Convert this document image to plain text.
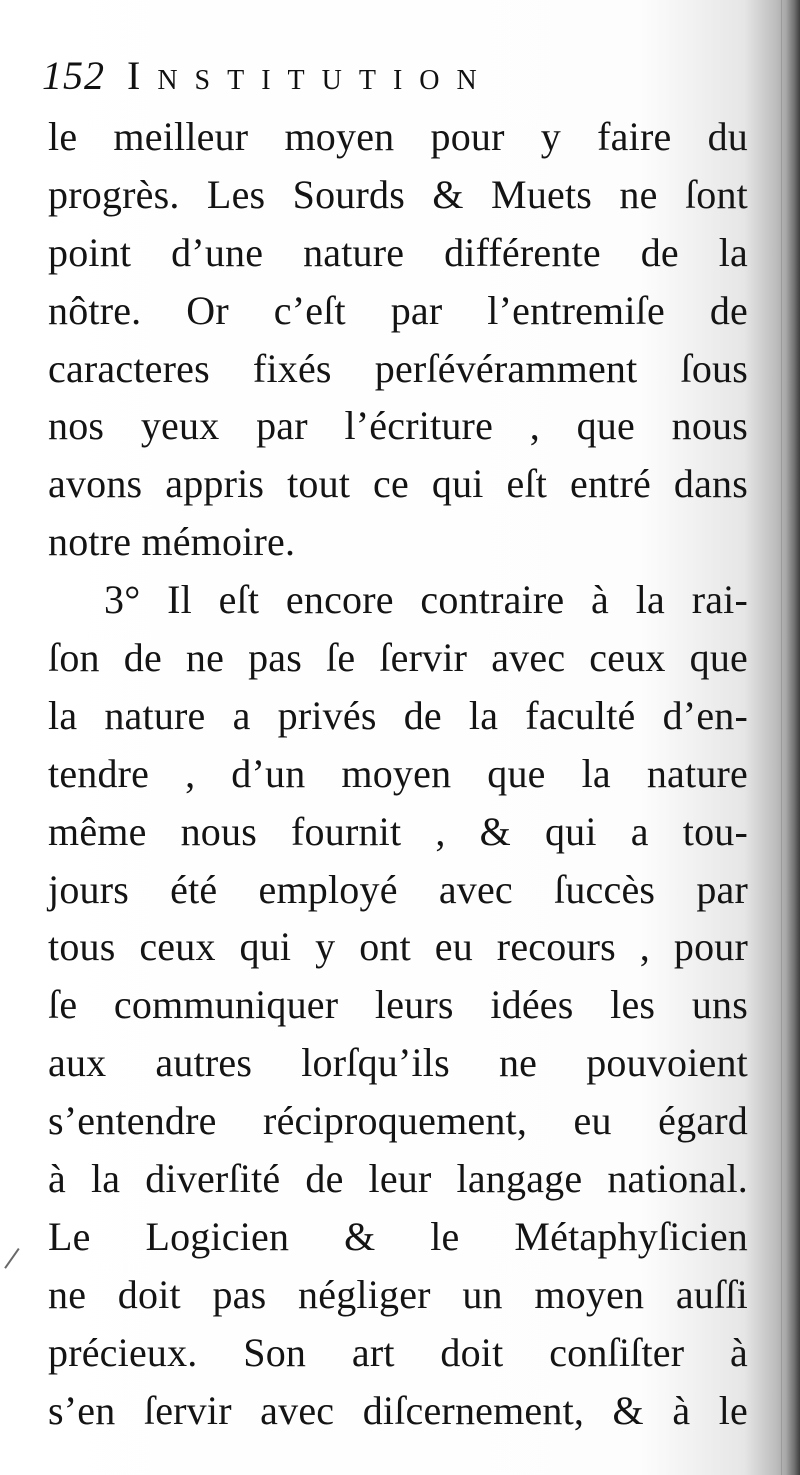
152 Institution
le meilleur moyen pour y faire du
progrès. Les Sourds & Muets ne ſont
point d’une nature différente de la
nôtre. Or c’eſt par l’entremiſe de
caracteres fixés perſévéramment ſous
nos yeux par l’écriture , que nous
avons appris tout ce qui eſt entré dans
notre mémoire.
3° Il eſt encore contraire à la rai-
ſon de ne pas ſe ſervir avec ceux que
la nature a privés de la faculté d’en-
tendre , d’un moyen que la nature
même nous fournit , & qui a tou-
jours été employé avec ſuccès par
tous ceux qui y ont eu recours , pour
ſe communiquer leurs idées les uns
aux autres lorſqu’ils ne pouvoient
s’entendre réciproquement, eu égard
à la diverſité de leur langage national.
Le Logicien & le Métaphyſicien
ne doit pas négliger un moyen auſſi
précieux. Son art doit conſiſter à
s’en ſervir avec diſcernement, & à le
